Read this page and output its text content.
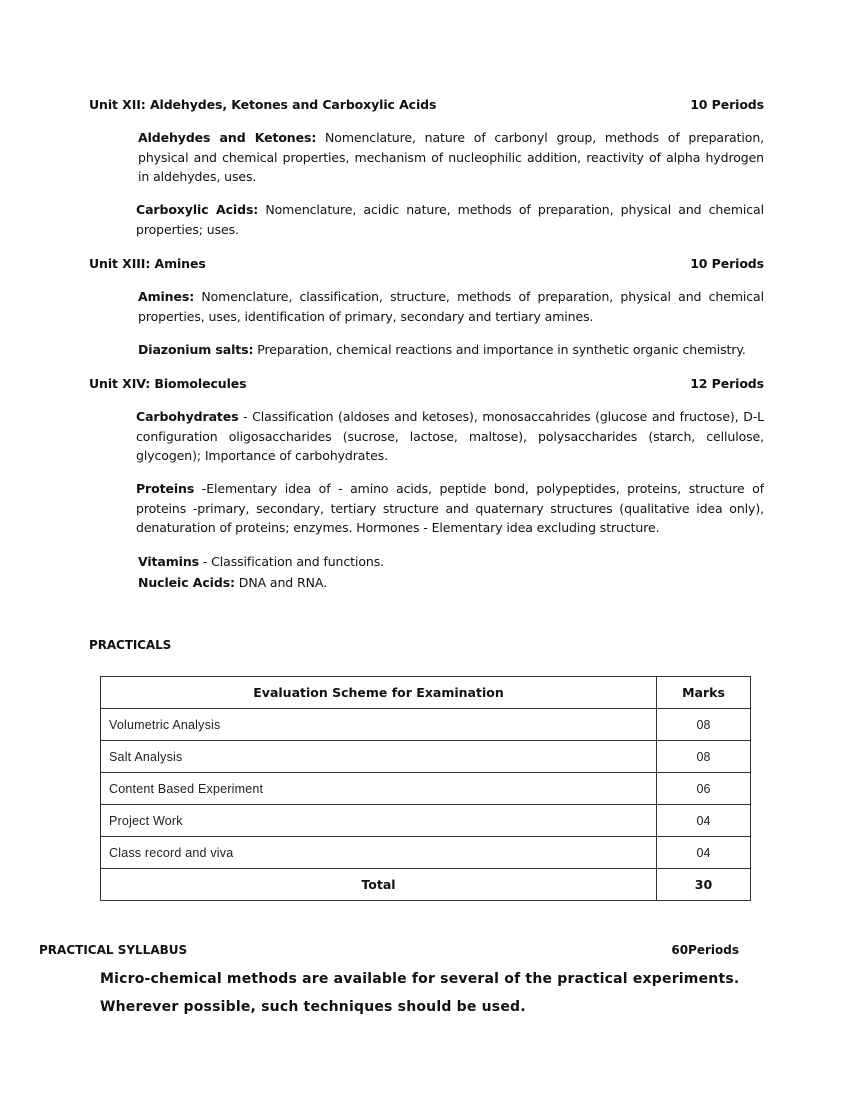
Unit XII: Aldehydes, Ketones and Carboxylic Acids	10 Periods
Aldehydes and Ketones: Nomenclature, nature of carbonyl group, methods of preparation, physical and chemical properties, mechanism of nucleophilic addition, reactivity of alpha hydrogen in aldehydes, uses.
Carboxylic Acids: Nomenclature, acidic nature, methods of preparation, physical and chemical properties; uses.
Unit XIII: Amines	10 Periods
Amines: Nomenclature, classification, structure, methods of preparation, physical and chemical properties, uses, identification of primary, secondary and tertiary amines.
Diazonium salts: Preparation, chemical reactions and importance in synthetic organic chemistry.
Unit XIV: Biomolecules	12 Periods
Carbohydrates - Classification (aldoses and ketoses), monosaccahrides (glucose and fructose), D-L configuration oligosaccharides (sucrose, lactose, maltose), polysaccharides (starch, cellulose, glycogen); Importance of carbohydrates.
Proteins -Elementary idea of - amino acids, peptide bond, polypeptides, proteins, structure of proteins -primary, secondary, tertiary structure and quaternary structures (qualitative idea only), denaturation of proteins; enzymes. Hormones - Elementary idea excluding structure.
Vitamins - Classification and functions.
Nucleic Acids: DNA and RNA.
PRACTICALS
Evaluation Scheme for Examination	Marks
Volumetric Analysis	08
Salt Analysis	08
Content Based Experiment	06
Project Work	04
Class record and viva	04
Total	30
PRACTICAL SYLLABUS	60Periods
Micro-chemical methods are available for several of the practical experiments. Wherever possible, such techniques should be used.
